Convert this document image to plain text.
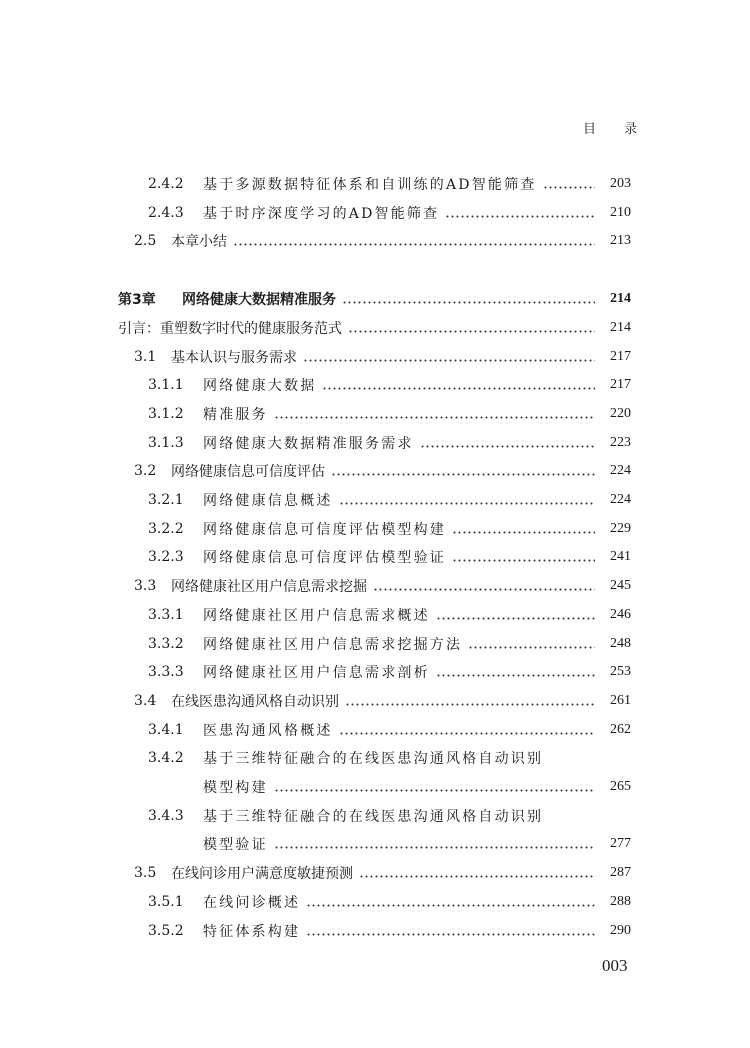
目 录
2.4.2	基于多源数据特征体系和自训练的AD智能筛查	203
2.4.3	基于时序深度学习的AD智能筛查	210
2.5	本章小结	213
第3章	网络健康大数据精准服务	214
引言：重塑数字时代的健康服务范式	214
3.1	基本认识与服务需求	217
3.1.1	网络健康大数据	217
3.1.2	精准服务	220
3.1.3	网络健康大数据精准服务需求	223
3.2	网络健康信息可信度评估	224
3.2.1	网络健康信息概述	224
3.2.2	网络健康信息可信度评估模型构建	229
3.2.3	网络健康信息可信度评估模型验证	241
3.3	网络健康社区用户信息需求挖掘	245
3.3.1	网络健康社区用户信息需求概述	246
3.3.2	网络健康社区用户信息需求挖掘方法	248
3.3.3	网络健康社区用户信息需求剖析	253
3.4	在线医患沟通风格自动识别	261
3.4.1	医患沟通风格概述	262
3.4.2	基于三维特征融合的在线医患沟通风格自动识别
模型构建	265
3.4.3	基于三维特征融合的在线医患沟通风格自动识别
模型验证	277
3.5	在线问诊用户满意度敏捷预测	287
3.5.1	在线问诊概述	288
3.5.2	特征体系构建	290
003
